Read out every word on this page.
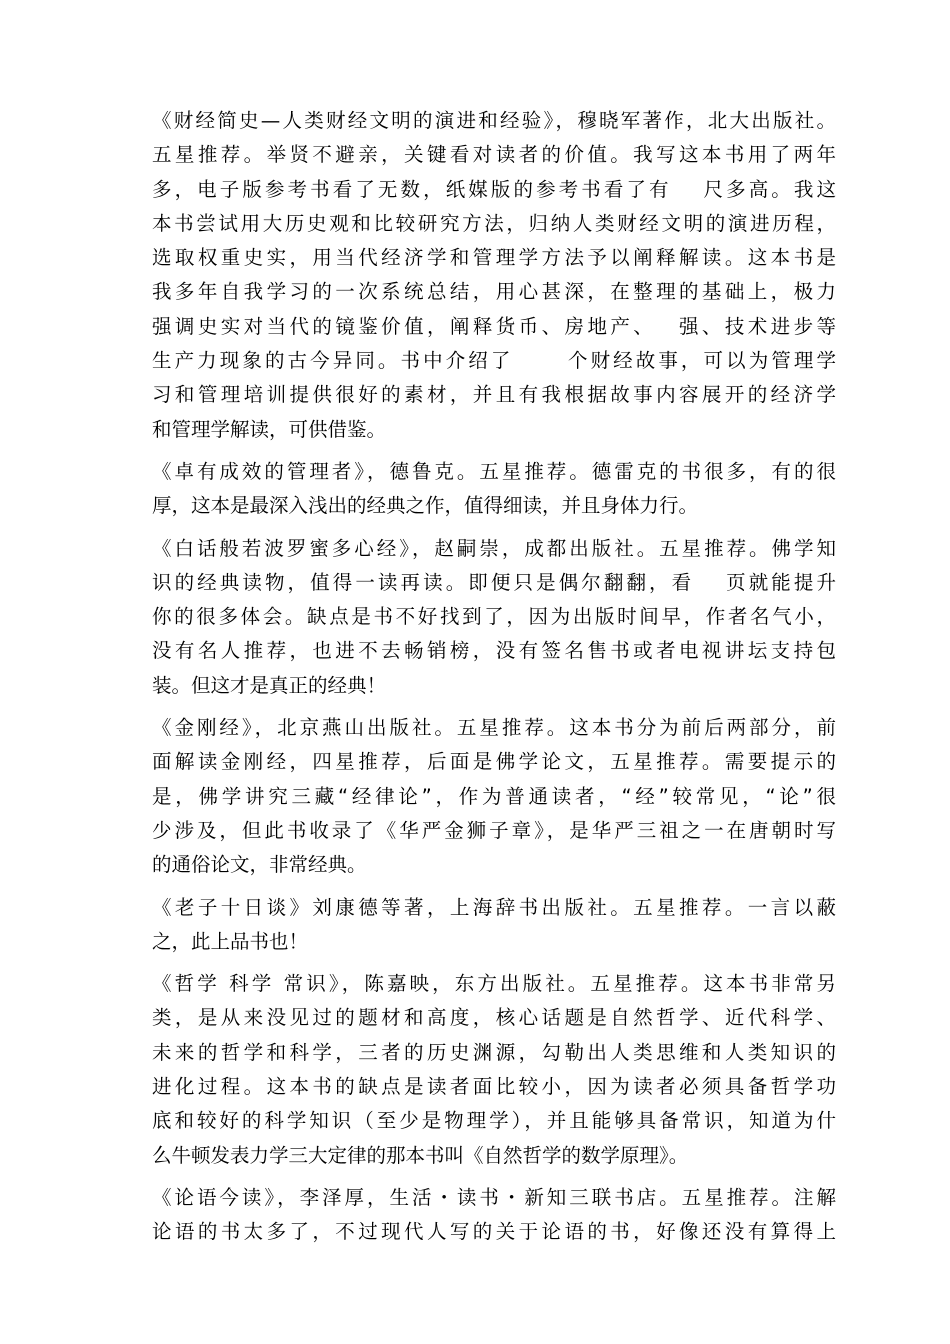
《财经简史—人类财经文明的演进和经验》，穆晓军著作，北大出版社。
五星推荐。举贤不避亲，关键看对读者的价值。我写这本书用了两年
多，电子版参考书看了无数，纸媒版的参考书看了有　 尺多高。我这
本书尝试用大历史观和比较研究方法，归纳人类财经文明的演进历程，
选取权重史实，用当代经济学和管理学方法予以阐释解读。这本书是
我多年自我学习的一次系统总结，用心甚深，在整理的基础上，极力
强调史实对当代的镜鉴价值，阐释货币、房地产、　 强、技术进步等
生产力现象的古今异同。书中介绍了　　 个财经故事，可以为管理学
习和管理培训提供很好的素材，并且有我根据故事内容展开的经济学
和管理学解读，可供借鉴。
《卓有成效的管理者》，德鲁克。五星推荐。德雷克的书很多，有的很
厚，这本是最深入浅出的经典之作，值得细读，并且身体力行。
《白话般若波罗蜜多心经》，赵嗣崇，成都出版社。五星推荐。佛学知
识的经典读物，值得一读再读。即便只是偶尔翻翻，看　 页就能提升
你的很多体会。缺点是书不好找到了，因为出版时间早，作者名气小，
没有名人推荐，也进不去畅销榜，没有签名售书或者电视讲坛支持包
装。但这才是真正的经典！
《金刚经》，北京燕山出版社。五星推荐。这本书分为前后两部分，前
面解读金刚经，四星推荐，后面是佛学论文，五星推荐。需要提示的
是，佛学讲究三藏“经律论”，作为普通读者，“经”较常见，“论”很
少涉及，但此书收录了《华严金狮子章》，是华严三祖之一在唐朝时写
的通俗论文，非常经典。
《老子十日谈》刘康德等著，上海辞书出版社。五星推荐。一言以蔽
之，此上品书也！
《哲学 科学 常识》，陈嘉映，东方出版社。五星推荐。这本书非常另
类，是从来没见过的题材和高度，核心话题是自然哲学、近代科学、
未来的哲学和科学，三者的历史渊源，勾勒出人类思维和人类知识的
进化过程。这本书的缺点是读者面比较小，因为读者必须具备哲学功
底和较好的科学知识（至少是物理学），并且能够具备常识，知道为什
么牛顿发表力学三大定律的那本书叫《自然哲学的数学原理》。
《论语今读》，李泽厚，生活・读书・新知三联书店。五星推荐。注解
论语的书太多了，不过现代人写的关于论语的书，好像还没有算得上
